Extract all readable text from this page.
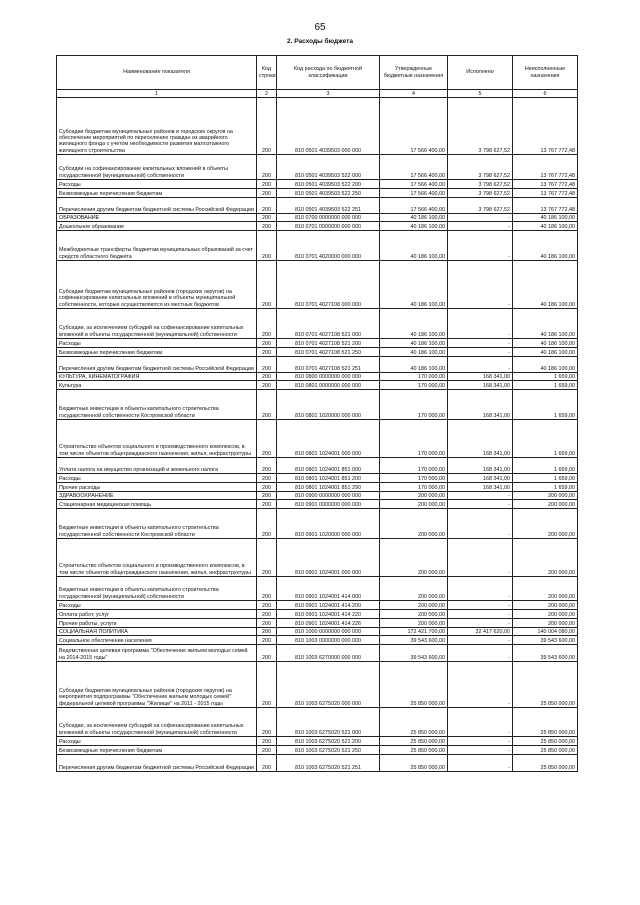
65
2. Расходы бюджета
Наименование показателя	Код строки	Код расхода по бюджетной классификации	Утвержденные бюджетные назначения	Исполнено	Неисполненные назначения
1	2	3	4	5	6
Субсидии бюджетам муниципальных районов и городских округов на обеспечение мероприятий по переселению граждан из аварийного жилищного фонда с учетом необходимости развития малоэтажного жилищного строительства	200	810 0501 4039503 000 000	17 566 400,00	3 798 627,52	13 767 772,48
Субсидии на софинансирование капитальных вложений в объекты государственной (муниципальной) собственности	200	810 0501 4039503 522 000	17 566 400,00	3 798 627,52	13 767 772,48
Расходы	200	810 0501 4039503 522 200	17 566 400,00	3 798 627,52	13 767 772,48
Безвозмездные перечисления бюджетам	200	810 0501 4039503 522 250	17 566 400,00	3 798 627,52	13 767 772,48
Перечисления другим бюджетам бюджетной системы Российской Федерации	200	810 0501 4039503 522 251	17 566 400,00	3 798 627,52	13 767 772,48
ОБРАЗОВАНИЕ	200	810 0700 0000000 000 000	40 186 100,00	-	40 186 100,00
Дошкольное образование	200	810 0701 0000000 000 000	40 186 100,00	-	40 186 100,00
Межбюджетные трансферты бюджетам муниципальных образований за счет средств областного бюджета	200	810 0701 4020000 000 000	40 186 100,00	-	40 186 100,00
Субсидии бюджетам муниципальных районов (городских округов) на софинансирование капитальных вложений в объекты муниципальной собственности, которые осуществляются из местных бюджетов	200	810 0701 4027108 000 000	40 186 100,00	-	40 186 100,00
Субсидии, за исключением субсидий на софинансирование капитальных вложений в объекты государственной (муниципальной) собственности	200	810 0701 4027108 521 000	40 186 100,00	-	40 186 100,00
Расходы	200	810 0701 4027108 521 200	40 186 100,00	-	40 186 100,00
Безвозмездные перечисления бюджетам	200	810 0701 4027108 521 250	40 186 100,00	-	40 186 100,00
Перечисления другим бюджетам бюджетной системы Российской Федерации	200	810 0701 4027108 521 251	40 186 100,00	-	40 186 100,00
КУЛЬТУРА, КИНЕМАТОГРАФИЯ	200	810 0800 0000000 000 000	170 000,00	168 341,00	1 659,00
Культура	200	810 0801 0000000 000 000	170 000,00	168 341,00	1 659,00
Бюджетные инвестиции в объекты капитального строительства государственной собственности Костромской области	200	810 0801 1020000 000 000	170 000,00	168 341,00	1 659,00
Строительство объектов социального и производственного комплексов, в том числе объектов общегражданского назначения, жилья, инфраструктуры	200	810 0801 1024001 000 000	170 000,00	168 341,00	1 659,00
Уплата налога на имущество организаций и земельного налога	200	810 0801 1024001 851 000	170 000,00	168 341,00	1 659,00
Расходы	200	810 0801 1024001 851 200	170 000,00	168 341,00	1 659,00
Прочие расходы	200	810 0801 1024001 851 290	170 000,00	168 341,00	1 659,00
ЗДРАВООХРАНЕНИЕ	200	810 0900 0000000 000 000	200 000,00	-	200 000,00
Стационарная медицинская помощь	200	810 0901 0000000 000 000	200 000,00	-	200 000,00
Бюджетные инвестиции в объекты капитального строительства государственной собственности Костромской области	200	810 0901 1020000 000 000	200 000,00	-	200 000,00
Строительство объектов социального и производственного комплексов, в том числе объектов общегражданского назначения, жилья, инфраструктуры	200	810 0901 1024001 000 000	200 000,00	-	200 000,00
Бюджетные инвестиции в объекты капитального строительства государственной (муниципальной) собственности	200	810 0901 1024001 414 000	200 000,00	-	200 000,00
Расходы	200	810 0901 1024001 414 200	200 000,00	-	200 000,00
Оплата работ, услуг	200	810 0901 1024001 414 220	200 000,00	-	200 000,00
Прочие работы, услуги	200	810 0901 1024001 414 226	200 000,00	-	200 000,00
СОЦИАЛЬНАЯ ПОЛИТИКА	200	810 1000 0000000 000 000	172 421 700,00	32 417 620,00	140 004 080,00
Социальное обеспечение населения	200	810 1003 0000000 000 000	39 543 600,00	-	39 543 600,00
Ведомственная целевая программа "Обеспечение жильем молодых семей на 2014-2015 годы"	200	810 1003 6270000 000 000	39 543 600,00	-	39 543 600,00
Субсидии бюджетам муниципальных районов (городских округов) на мероприятия подпрограммы "Обеспечение жильем молодых семей" федеральной целевой программы "Жилище" на 2011 - 2015 годы	200	810 1003 6275020 000 000	25 850 000,00	-	25 850 000,00
Субсидии, за исключением субсидий на софинансирование капитальных вложений в объекты государственной (муниципальной) собственности	200	810 1003 6275020 521 000	25 850 000,00	-	25 850 000,00
Расходы	200	810 1003 6275020 521 200	25 850 000,00	-	25 850 000,00
Безвозмездные перечисления бюджетам	200	810 1003 6275020 521 250	25 850 000,00	-	25 850 000,00
Перечисления другим бюджетам бюджетной системы Российской Федерации	200	810 1003 6275020 521 251	25 850 000,00	-	25 850 000,00
